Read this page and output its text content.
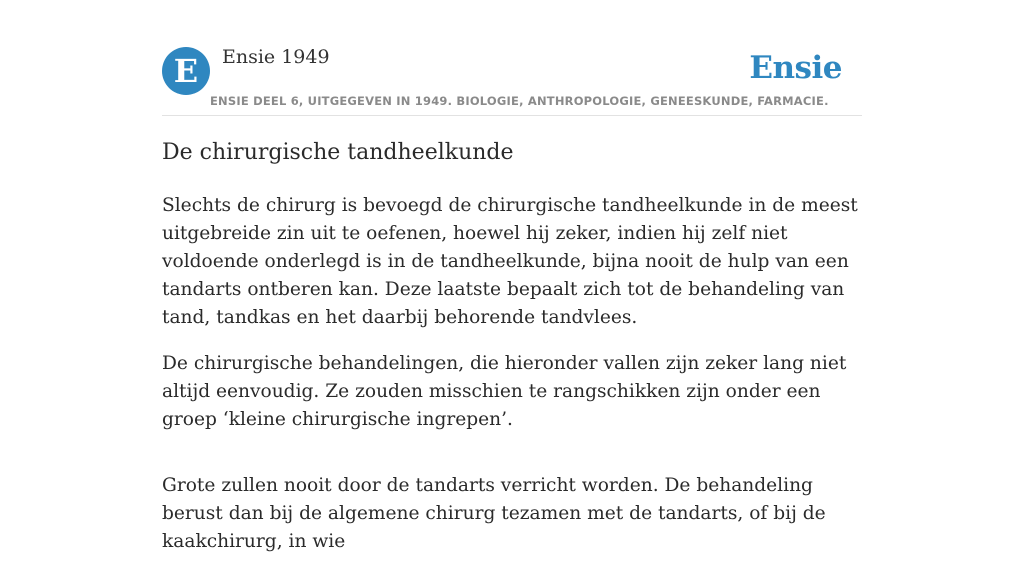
E	Ensie 1949	Ensie
ENSIE DEEL 6, UITGEGEVEN IN 1949. BIOLOGIE, ANTHROPOLOGIE, GENEESKUNDE, FARMACIE.
De chirurgische tandheelkunde

Slechts de chirurg is bevoegd de chirurgische tandheelkunde in de meest uitgebreide zin uit te oefenen, hoewel hij zeker, indien hij zelf niet voldoende onderlegd is in de tandheelkunde, bijna nooit de hulp van een tandarts ontberen kan. Deze laatste bepaalt zich tot de behandeling van tand, tandkas en het daarbij behorende tandvlees.

De chirurgische behandelingen, die hieronder vallen zijn zeker lang niet altijd eenvoudig. Ze zouden misschien te rangschikken zijn onder een groep ‘kleine chirurgische ingrepen’.

Grote zullen nooit door de tandarts verricht worden. De behandeling berust dan bij de algemene chirurg tezamen met de tandarts, of bij de kaakchirurg, in wie
